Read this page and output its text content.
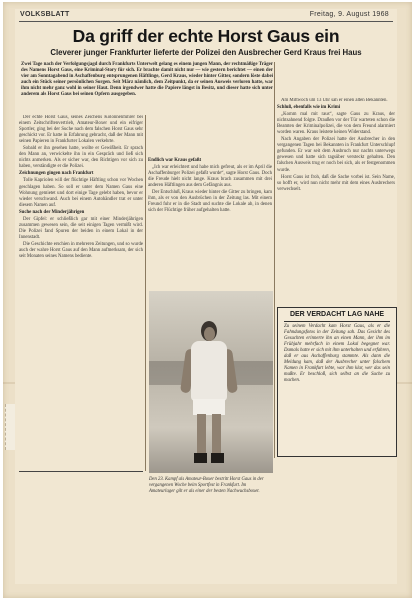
VOLKSBLATT	Freitag, 9. August 1968
Da griff der echte Horst Gaus ein
Cleverer junger Frankfurter lieferte der Polizei den Ausbrecher Gerd Kraus frei Haus
Zwei Tage nach der Verfolgungsjagd durch Frankfurts Unterwelt gelang es einem jungen Mann, der rechtmäßige Träger des Namens Horst Gaus, eine Kriminal-Story für sich. Er brachte damit nicht nur — wie gestern berichtet — einen der vier am Sonntagabend in Aschaffenburg entsprungenen Häftlinge, Gerd Kraus, wieder hinter Gitter, sondern löste dabei auch ein Stück seiner persönlichen Sorgen. Seit März nämlich, dem Zeitpunkt, da er seinen Ausweis verloren hatte, war ihm nicht mehr ganz wohl in seiner Haut. Denn irgendwer hatte die Papiere längst in Besitz, und dieser hatte sich unter anderem als Horst Gaus bei seinen Opfern ausgegeben.

Der echte Horst Gaus, seines Zeichens Kolonnenführer bei einem Zeitschriftenvertrieb, Amateur-Boxer und ein eifriger Sportler, ging bei der Suche nach dem falschen Horst Gaus sehr geschickt vor. Er hatte in Erfahrung gebracht, daß der Mann mit seinen Papieren in Frankfurter Lokalen verkehrte.

Sobald er ihn gesehen hatte, wollte er Gewißheit. Er sprach den Mann an, verwickelte ihn in ein Gespräch und ließ sich nichts anmerken. Als er sicher war, den Richtigen vor sich zu haben, verständigte er die Polizei.

Zeichnungen gingen nach Frankfurt

Tolle Kapriolen will der flüchtige Häftling schon vor Wochen geschlagen haben. So soll er unter dem Namen Gaus eine Wohnung gemietet und dort einige Tage gelebt haben, bevor er wieder verschwand. Auch bei einem Autohändler trat er unter diesem Namen auf.

Suche nach der Minderjährigen

Der Gipfel: er schließlich gar mit einer Minderjährigen zusammen gewesen sein, die seit einigen Tagen vermißt wird. Die Polizei fand Spuren der beiden in einem Lokal in der Innenstadt.

Die Geschichte erschien in mehreren Zeitungen, und so wurde auch der wahre Horst Gaus auf den Mann aufmerksam, der sich seit Monaten seines Namens bediente.

Endlich war Kraus gefaßt

„Ich war erleichtert und habe mich gefreut, als er im April die Aschaffenburger Polizei gefaßt wurde“, sagte Horst Gaus. Doch die Freude hielt nicht lange. Kraus brach zusammen mit drei anderen Häftlingen aus dem Gefängnis aus.

Der Entschluß, Kraus wieder hinter die Gitter zu bringen, kam ihm, als er von den Ausbrüchen in der Zeitung las. Mit einem Freund fuhr er in die Stadt und suchte die Lokale ab, in denen sich der Flüchtige früher aufgehalten hatte.

Am Mittwoch um 13 Uhr sah er einen alten Bekannten.

Schluß, ebenfalls wie im Krimi

„Komm mal mit raus“, sagte Gaus zu Kraus, der nichtsahnend folgte. Draußen vor der Tür warteten schon die Beamten der Kriminalpolizei, die von dem Freund alarmiert worden waren. Kraus leistete keinen Widerstand.

Nach Angaben der Polizei hatte der Ausbrecher in den vergangenen Tagen bei Bekannten in Frankfurt Unterschlupf gefunden. Er war seit dem Ausbruch nur nachts unterwegs gewesen und hatte sich tagsüber versteckt gehalten. Den falschen Ausweis trug er noch bei sich, als er festgenommen wurde.

Horst Gaus ist froh, daß die Sache vorbei ist. Sein Name, so hofft er, wird nun nicht mehr mit dem eines Ausbrechers verwechselt.

Den 23. Kampf als Amateur-Boxer bestritt Horst Gaus in der vergangenen Woche beim Sportfest in Frankfurt. Im Amateurlager gilt er als einer der besten Nachwuchsboxer.
DER VERDACHT LAG NAHE
Zu seinem Verdacht kam Horst Gaus, als er die Fahndungsfotos in der Zeitung sah. Das Gesicht des Gesuchten erinnerte ihn an einen Mann, der ihm im Frühjahr mehrfach in einem Lokal begegnet war. Damals hatte er sich mit ihm unterhalten und erfahren, daß er aus Aschaffenburg stammte. Als dann die Meldung kam, daß der Ausbrecher unter falschem Namen in Frankfurt lebte, war ihm klar, wer das sein mußte. Er beschloß, sich selbst an die Suche zu machen.
